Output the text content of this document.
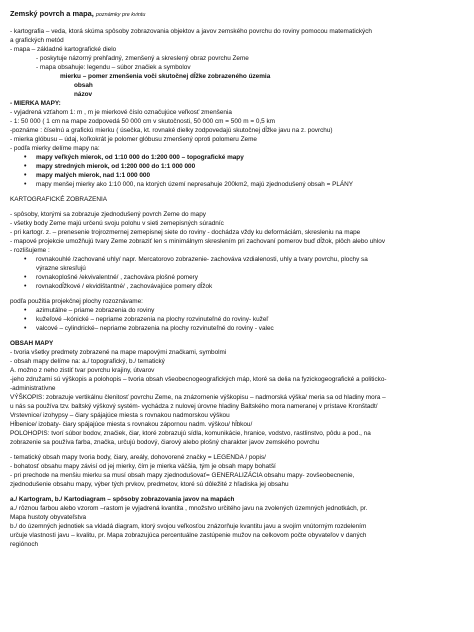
Zemský povrch a mapa, poznámky pre kvintu
- kartografia – veda, ktorá skúma spôsoby zobrazovania objektov a javov zemského povrchu do roviny pomocou matematických
a grafických metód
- mapa – základné kartografické dielo
- poskytuje názorný prehľadný, zmenšený a skreslený obraz povrchu Zeme
- mapa obsahuje: legendu – súbor značiek a symbolov
mierku – pomer zmenšenia voči skutočnej dĺžke zobrazeného územia
obsah
názov
- MIERKA MAPY:
- vyjadrená vzťahom 1: m , m je mierkové číslo označujúce veľkosť zmenšenia
- 1: 50 000 ( 1 cm na mape zodpovedá 50 000 cm v skutočnosti, 50 000 cm = 500 m = 0,5 km
-poznáme : číselnú a grafickú mierku ( úsečka, kt. rovnaké dielky zodpovedajú skutočnej dĺžke javu na z. povrchu)
- mierka glóbusu – údaj, koľkokrát je polomer glóbusu zmenšený oproti polomeru Zeme
- podľa mierky delíme mapy na:
• mapy veľkých mierok, od 1:10 000 do 1:200 000 – topografické mapy
• mapy stredných mierok, od 1:200 000 do 1:1 000 000
• mapy malých mierok, nad 1:1 000 000
• mapy menšej mierky ako 1:10 000, na ktorých území nepresahuje 200km2, majú zjednodušený obsah = PLÁNY
KARTOGRAFICKÉ ZOBRAZENIA
- spôsoby, ktorými sa zobrazuje zjednodušený povrch Zeme do mapy
- všetky body Zeme majú určenú svoju polohu v sieti zemepisných súradníc
- pri kartogr. z. – prenesenie trojrozmernej zemepisnej siete do roviny - dochádza vždy ku deformáciám, skresleniu na mape
- mapové projekcie umožňujú tvary Zeme zobraziť len s minimálnym skreslením pri zachovaní pomerov buď dĺžok, plôch alebo uhlov
- rozlišujeme :
• rovnakouhlé /zachované uhly/ napr. Mercatorovo zobrazenie- zachováva vzdialenosti, uhly a tvary povrchu, plochy sa
výrazne skresľujú
• rovnakoplošné /ekvivalentné/ , zachováva plošné pomery
• rovnakodĺžkové / ekvidištantné/ , zachovávajúce pomery dĺžok
podľa použitia projekčnej plochy rozoznávame:
• azimutálne – priame zobrazenia do roviny
• kužeľové –kónické – nepriame zobrazenia na plochy rozvinuteľné do roviny- kužeľ
• valcové – cylindrické– nepriame zobrazenia na plochy rozvinuteľné do roviny - valec
OBSAH MAPY
- tvoria všetky predmety zobrazené na mape mapovými značkami, symbolmi
- obsah mapy delíme na: a./ topografický, b./ tematický
A. možno z neho zistiť tvar povrchu krajiny, útvarov
-jeho združami sú výškopis a polohopis – tvoria obsah všeobecnogeografických máp, ktoré sa delia na fyzickogeografické a politicko-
-administratívne
VÝŠKOPIS: zobrazuje vertikálnu členitosť povrchu Zeme, na znázornenie výškopisu – nadmorská výška/ meria sa od hladiny mora –
u nás sa používa tzv. baltský výškový systém- vychádza z nulovej úrovne hladiny Baltského mora nameranej v prístave Kronštadt/
Vrstevnice/ izohypsy – čiary spájajúce miesta s rovnakou nadmorskou výškou
Hĺbenice/ izobaty- čiary spájajúce miesta s rovnakou zápornou nadm. výškou/ hĺbkou/
POLOHOPIS: tvorí súbor bodov, značiek, čiar, ktoré zobrazujú sídla, komunikácie, hranice, vodstvo, rastlinstvo, pôdu a pod., na
zobrazenie sa používa farba, značka, určujú bodový, čiarový alebo plošný charakter javov zemského povrchu
- tematický obsah mapy tvoria body, čiary, areály, dohovorené značky = LEGENDA / popis/
- bohatosť obsahu mapy závisí od jej mierky, čím je mierka väčšia, tým je obsah mapy bohatší
- pri prechode na menšiu mierku sa musí obsah mapy zjednodušovať= GENERALIZÁCIA obsahu mapy- zovšeobecnenie,
zjednodušenie obsahu mapy, výber tých prvkov, predmetov, ktoré sú dôležité z hľadiska jej obsahu
a./ Kartogram, b./ Kartodiagram – spôsoby zobrazovania javov na mapách
a./ rôznou farbou alebo vzorom –rastom je vyjadrená kvantita , množstvo určitého javu na zvolených územných jednotkách, pr.
Mapa hustoty obyvateľstva
b./ do územných jednotiek sa vkladá diagram, ktorý svojou veľkosťou znázorňuje kvantitu javu a svojím vnútorným rozdelením
určuje vlastnosti javu – kvalitu, pr. Mapa zobrazujúca percentuálne zastúpenie mužov na celkovom počte obyvateľov v daných
regiónoch
